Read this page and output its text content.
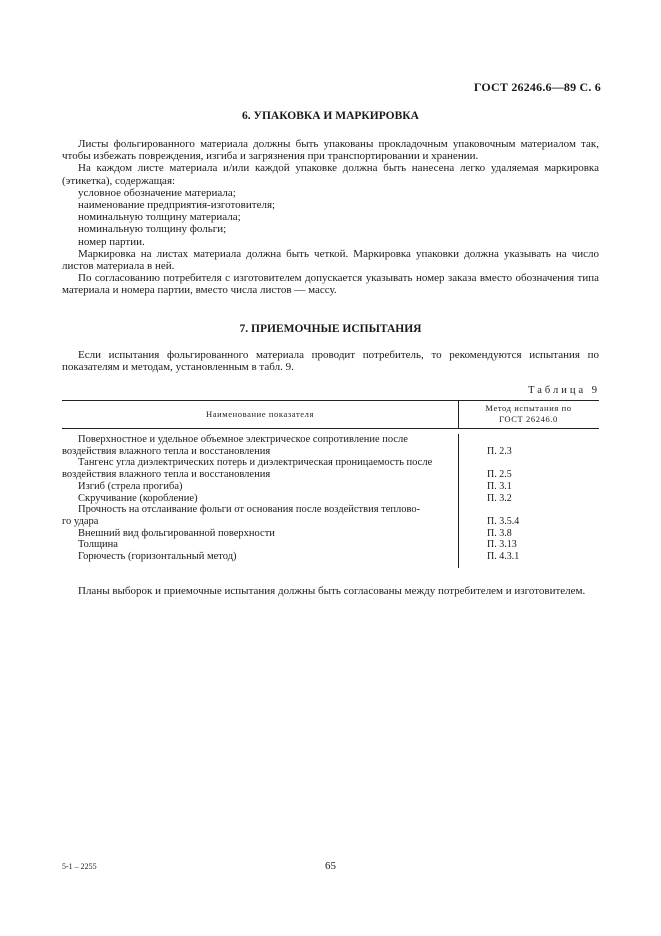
ГОСТ 26246.6—89 С. 6
6. УПАКОВКА И МАРКИРОВКА

Листы фольгированного материала должны быть упакованы прокладочным упаковочным материалом так, чтобы избежать повреждения, изгиба и загрязнения при транспортировании и хранении.

На каждом листе материала и/или каждой упаковке должна быть нанесена легко удаляемая маркировка (этикетка), содержащая:

условное обозначение материала;

наименование предприятия-изготовителя;

номинальную толщину материала;

номинальную толщину фольги;

номер партии.

Маркировка на листах материала должна быть четкой. Маркировка упаковки должна указывать на число листов материала в ней.

По согласованию потребителя с изготовителем допускается указывать номер заказа вместо обозначения типа материала и номера партии, вместо числа листов — массу.

7. ПРИЕМОЧНЫЕ ИСПЫТАНИЯ

Если испытания фольгированного материала проводит потребитель, то рекомендуются испытания по показателям и методам, установленным в табл. 9.

Таблица 9
Наименование показателя
Метод испытания по
ГОСТ 26246.0
Поверхностное и удельное объемное электрическое сопротивление после
воздействия влажного тепла и восстановления	П. 2.3
Тангенс угла диэлектрических потерь и диэлектрическая проницаемость после
воздействия влажного тепла и восстановления	П. 2.5
Изгиб (стрела прогиба)	П. 3.1
Скручивание (коробление)	П. 3.2
Прочность на отслаивание фольги от основания после воздействия теплово-
го удара	П. 3.5.4
Внешний вид фольгированной поверхности	П. 3.8
Толщина	П. 3.13
Горючесть (горизонтальный метод)	П. 4.3.1

Планы выборок и приемочные испытания должны быть согласованы между потребителем и изготовителем.

5-1 – 2255	65
